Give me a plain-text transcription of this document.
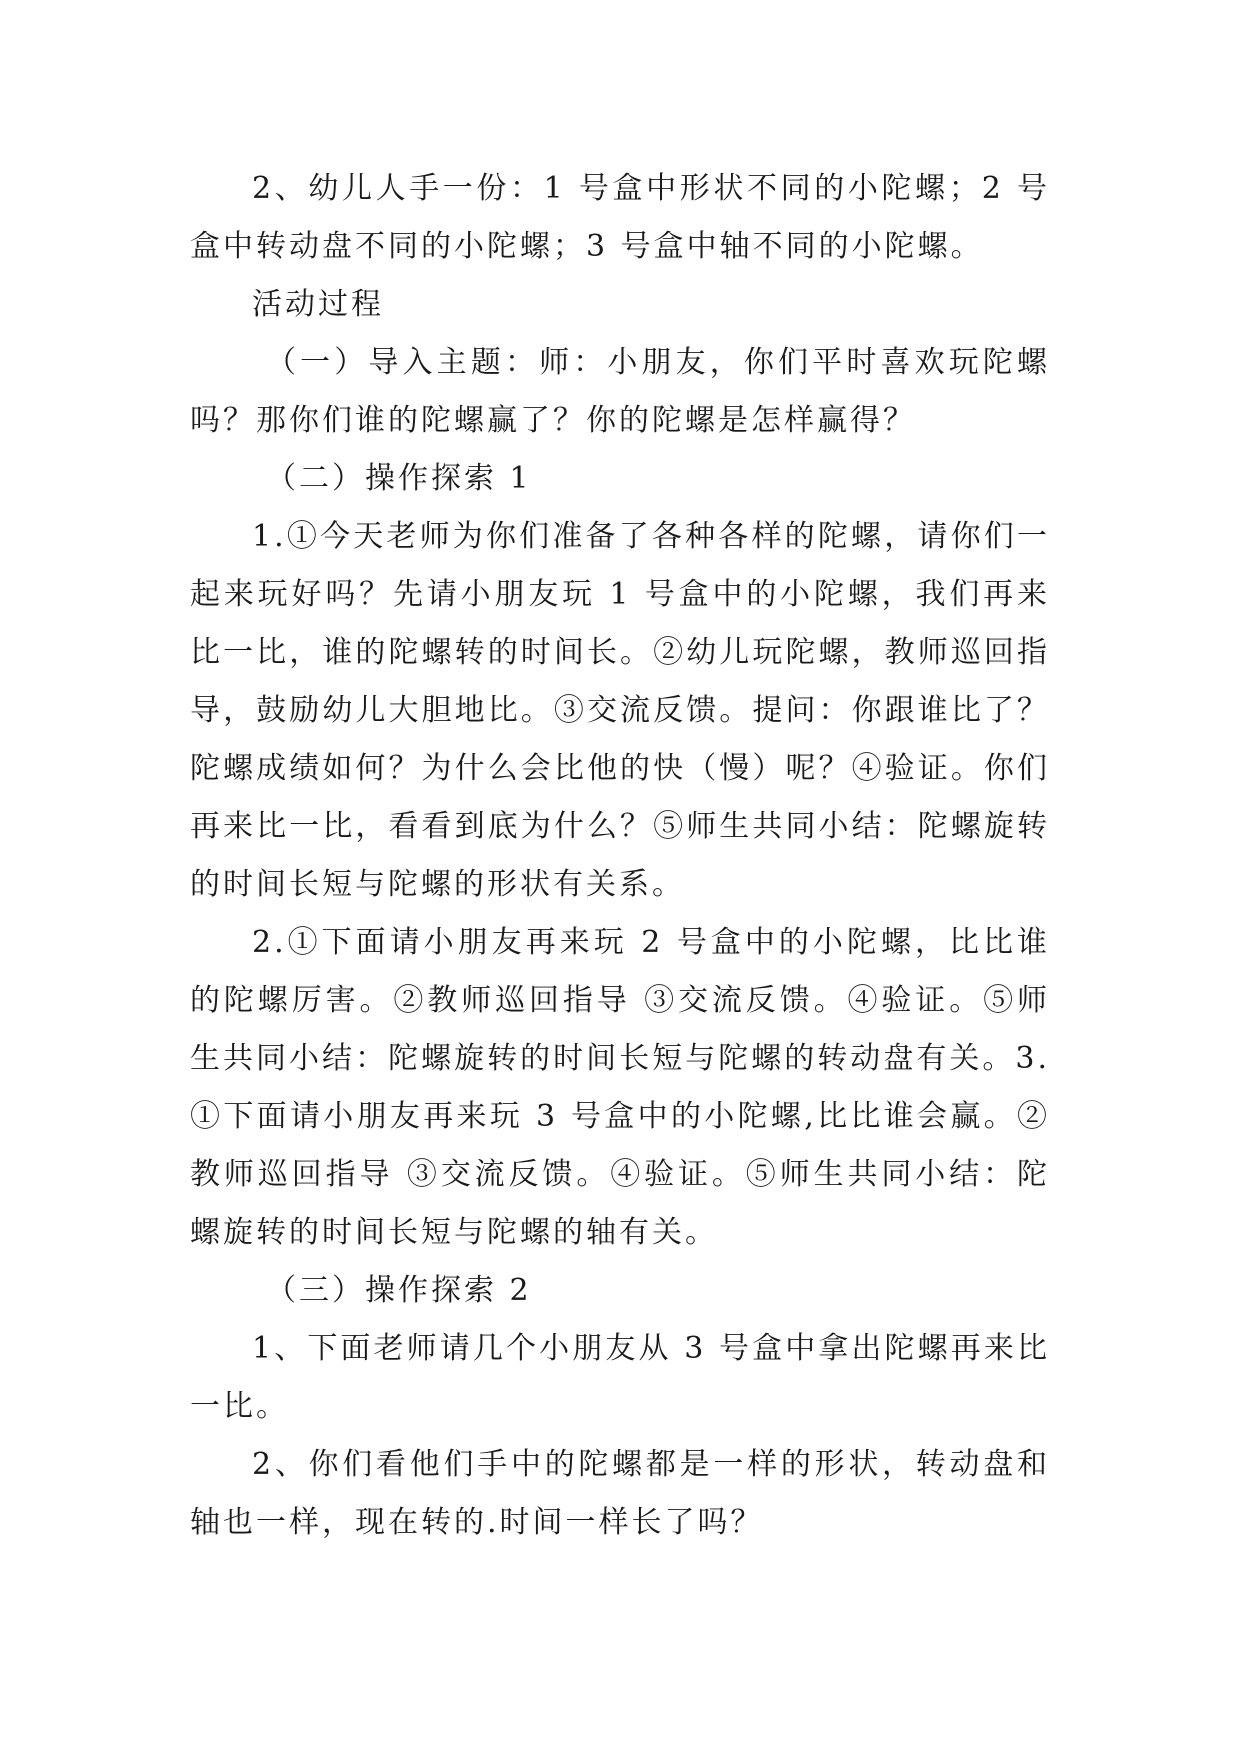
2、幼儿人手一份：1 号盒中形状不同的小陀螺；2 号盒中转动盘不同的小陀螺；3 号盒中轴不同的小陀螺。

活动过程

（一）导入主题：师：小朋友，你们平时喜欢玩陀螺吗？那你们谁的陀螺赢了？你的陀螺是怎样赢得？

（二）操作探索 1

1.①今天老师为你们准备了各种各样的陀螺，请你们一起来玩好吗？先请小朋友玩 1 号盒中的小陀螺，我们再来比一比，谁的陀螺转的时间长。②幼儿玩陀螺，教师巡回指导，鼓励幼儿大胆地比。③交流反馈。提问：你跟谁比了？陀螺成绩如何？为什么会比他的快（慢）呢？④验证。你们再来比一比，看看到底为什么？⑤师生共同小结：陀螺旋转的时间长短与陀螺的形状有关系。

2.①下面请小朋友再来玩 2 号盒中的小陀螺，比比谁的陀螺厉害。②教师巡回指导 ③交流反馈。④验证。⑤师生共同小结：陀螺旋转的时间长短与陀螺的转动盘有关。3.①下面请小朋友再来玩 3 号盒中的小陀螺,比比谁会赢。②教师巡回指导 ③交流反馈。④验证。⑤师生共同小结：陀螺旋转的时间长短与陀螺的轴有关。

（三）操作探索 2

1、下面老师请几个小朋友从 3 号盒中拿出陀螺再来比一比。

2、你们看他们手中的陀螺都是一样的形状，转动盘和轴也一样，现在转的.时间一样长了吗？
